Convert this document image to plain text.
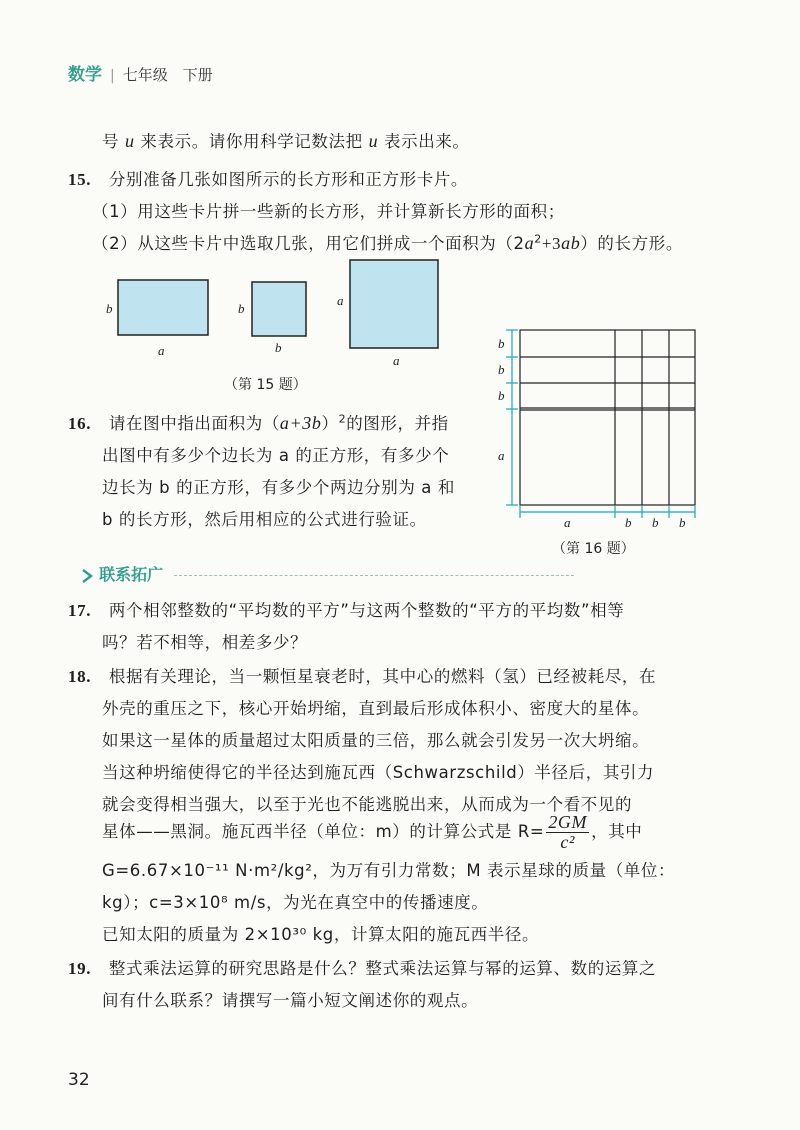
数学 | 七年级　下册
号 u 来表示。请你用科学记数法把 u 表示出来。
15. 分别准备几张如图所示的长方形和正方形卡片。
（1）用这些卡片拼一些新的长方形，并计算新长方形的面积；
（2）从这些卡片中选取几张，用它们拼成一个面积为$(2a^2+3ab)$的长方形。
b
a
b
b
a
a
（第 15 题）
16. 请在图中指出面积为$(a+3b)^2$的图形，并指
出图中有多少个边长为 a 的正方形，有多少个
边长为 b 的正方形，有多少个两边分别为 a 和
b 的长方形，然后用相应的公式进行验证。
b
b
b
a
a	b b b
（第 16 题）
联系拓广
17. 两个相邻整数的“平均数的平方”与这两个整数的“平方的平均数”相等
吗？若不相等，相差多少？
18. 根据有关理论，当一颗恒星衰老时，其中心的燃料（氢）已经被耗尽，在
外壳的重压之下，核心开始坍缩，直到最后形成体积小、密度大的星体。
如果这一星体的质量超过太阳质量的三倍，那么就会引发另一次大坍缩。
当这种坍缩使得它的半径达到施瓦西（Schwarzschild）半径后，其引力
就会变得相当强大，以至于光也不能逃脱出来，从而成为一个看不见的
星体——黑洞。施瓦西半径（单位：m）的计算公式是 $R= \frac{2GM}{\text{c²}}$ ，其中
G=6.67×10⁻¹¹ N·m²/kg²，为万有引力常数；M 表示星球的质量（单位：
kg）；c=3×10⁸ m/s，为光在真空中的传播速度。
已知太阳的质量为 2×10³⁰ kg，计算太阳的施瓦西半径。
19. 整式乘法运算的研究思路是什么？整式乘法运算与幂的运算、数的运算之
间有什么联系？请撰写一篇小短文阐述你的观点。
32
